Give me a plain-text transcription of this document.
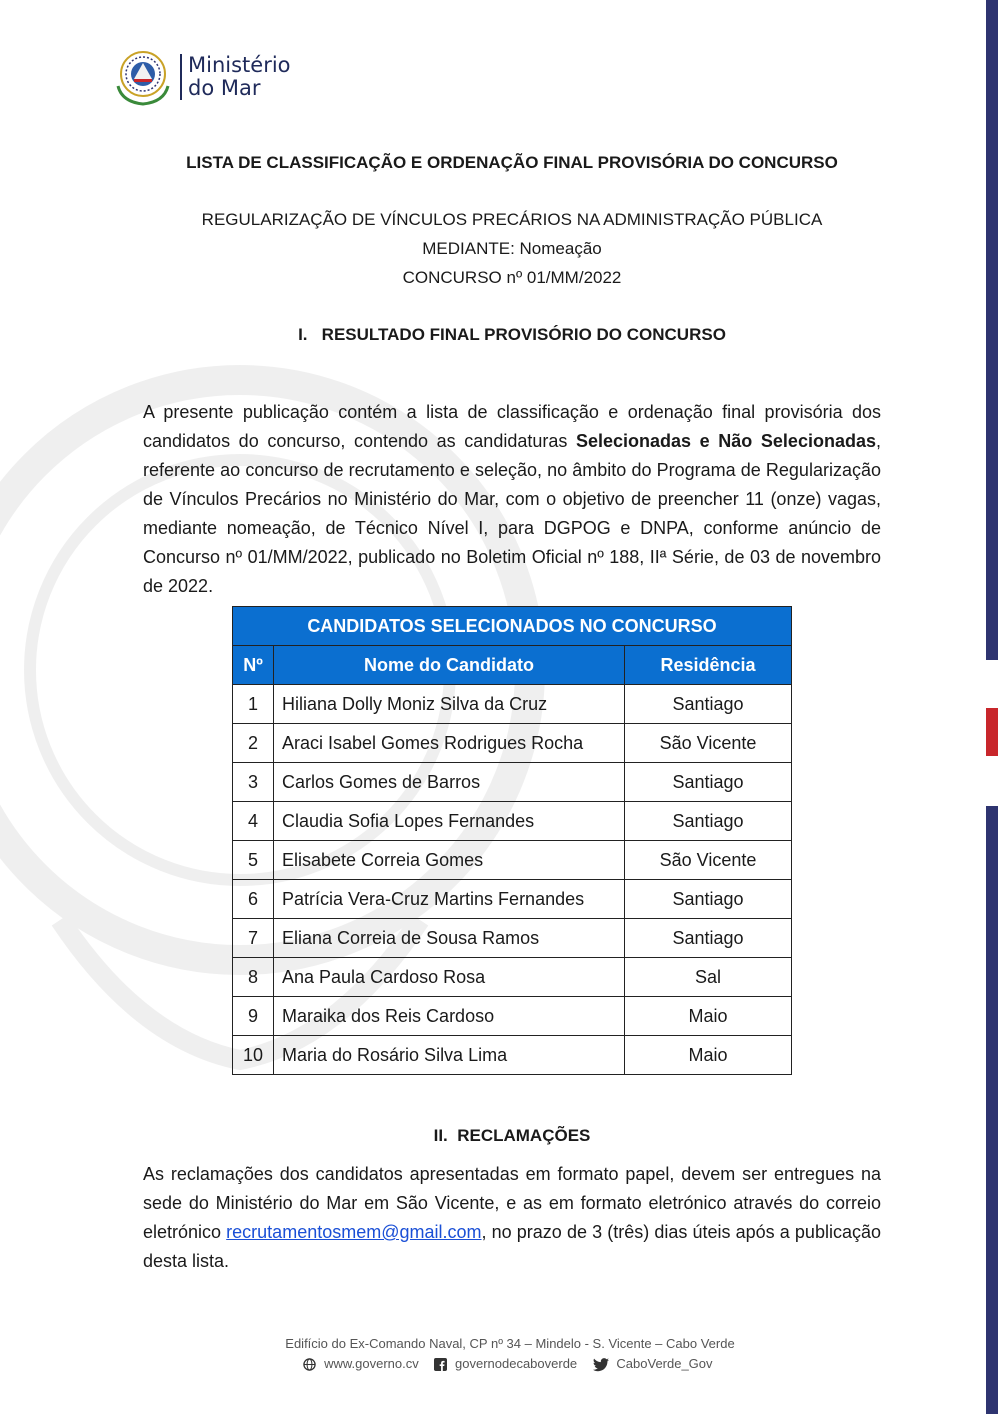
Ministério
do Mar
LISTA DE CLASSIFICAÇÃO E ORDENAÇÃO FINAL PROVISÓRIA DO CONCURSO
REGULARIZAÇÃO DE VÍNCULOS PRECÁRIOS NA ADMINISTRAÇÃO PÚBLICA
MEDIANTE: Nomeação
CONCURSO nº 01/MM/2022
I.   RESULTADO FINAL PROVISÓRIO DO CONCURSO
A presente publicação contém a lista de classificação e ordenação final provisória dos candidatos do concurso, contendo as candidaturas Selecionadas e Não Selecionadas, referente ao concurso de recrutamento e seleção, no âmbito do Programa de Regularização de Vínculos Precários no Ministério do Mar, com o objetivo de preencher 11 (onze) vagas, mediante nomeação, de Técnico Nível I, para DGPOG e DNPA, conforme anúncio de Concurso nº 01/MM/2022, publicado no Boletim Oficial nº 188, IIª Série, de 03 de novembro de 2022.
CANDIDATOS SELECIONADOS NO CONCURSO		
Nº	Nome do Candidato	Residência
1	Hiliana Dolly Moniz Silva da Cruz	Santiago
2	Araci Isabel Gomes Rodrigues Rocha	São Vicente
3	Carlos Gomes de Barros	Santiago
4	Claudia Sofia Lopes Fernandes	Santiago
5	Elisabete Correia Gomes	São Vicente
6	Patrícia Vera-Cruz Martins Fernandes	Santiago
7	Eliana Correia de Sousa Ramos	Santiago
8	Ana Paula Cardoso Rosa	Sal
9	Maraika dos Reis Cardoso	Maio
10	Maria do Rosário Silva Lima	Maio
II.  RECLAMAÇÕES
As reclamações dos candidatos apresentadas em formato papel, devem ser entregues na sede do Ministério do Mar em São Vicente, e as em formato eletrónico através do correio eletrónico recrutamentosmem@gmail.com, no prazo de 3 (três) dias úteis após a publicação desta lista.
Edifício do Ex-Comando Naval, CP nº 34 – Mindelo - S. Vicente – Cabo Verde
www.governo.cv	governodecaboverde	CaboVerde_Gov
